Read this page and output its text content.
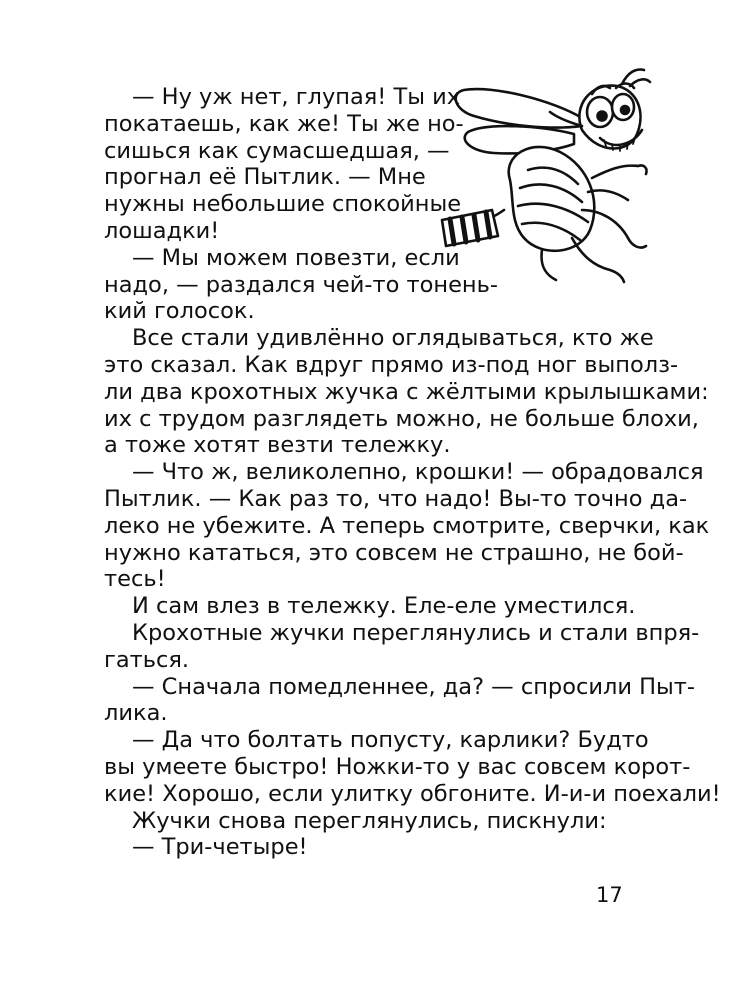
— Ну уж нет, глупая! Ты их
покатаешь, как же! Ты же но-
сишься как сумасшедшая, —
прогнал её Пытлик. — Мне
нужны небольшие спокойные
лошадки!
— Мы можем повезти, если
надо, — раздался чей-то тонень-
кий голосок.
Все стали удивлённо оглядываться, кто же
это сказал. Как вдруг прямо из-под ног выполз-
ли два крохотных жучка с жёлтыми крылышками:
их с трудом разглядеть можно, не больше блохи,
а тоже хотят везти тележку.
— Что ж, великолепно, крошки! — обрадовался
Пытлик. — Как раз то, что надо! Вы-то точно да-
леко не убежите. А теперь смотрите, сверчки, как
нужно кататься, это совсем не страшно, не бой-
тесь!
И сам влез в тележку. Еле-еле уместился.
Крохотные жучки переглянулись и стали впря-
гаться.
— Сначала помедленнее, да? — спросили Пыт-
лика.
— Да что болтать попусту, карлики? Будто
вы умеете быстро! Ножки-то у вас совсем корот-
кие! Хорошо, если улитку обгоните. И-и-и поехали!
Жучки снова переглянулись, пискнули:
— Три-четыре!
17
